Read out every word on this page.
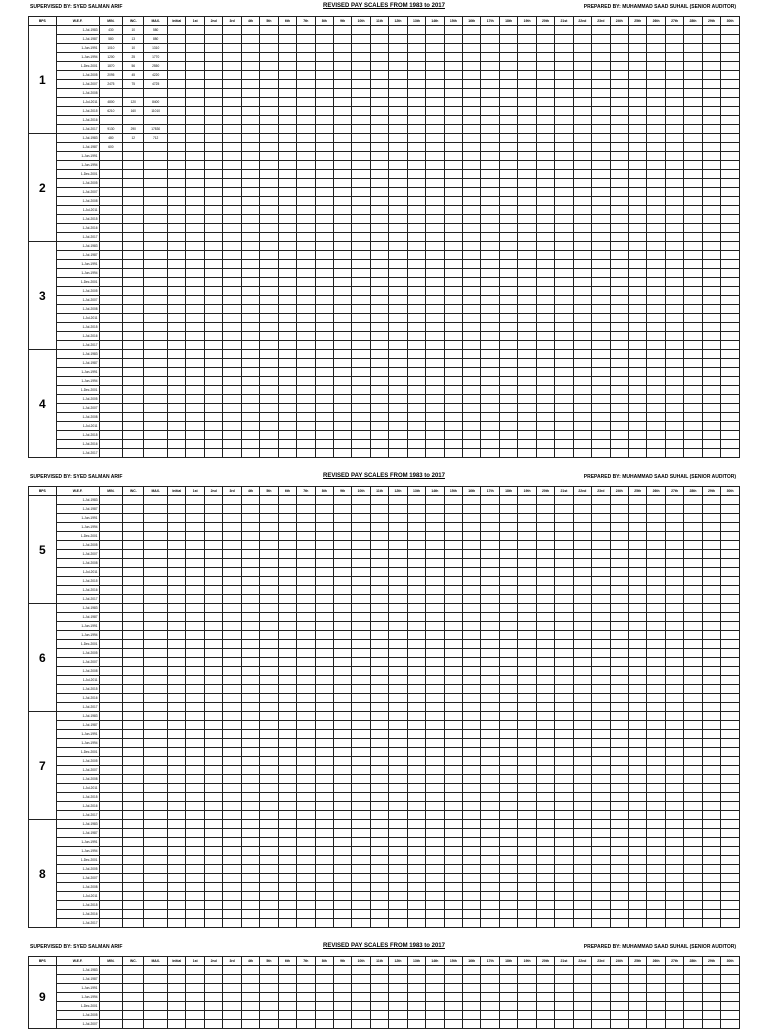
SUPERVISED BY: SYED SALMAN ARIF	REVISED PAY SCALES FROM 1983 to 2017	PREPARED BY: MUHAMMAD SAAD SUHAIL (SENIOR AUDITOR)
BPS	W.E.F.	MIN.	INC.	MAX.	Initial	1st	2nd	3rd	4th	5th	6th	7th	8th	9th	10th	11th	12th	13th	14th	15th	16th	17th	18th	19th	20th	21st	22nd	23rd	24th	25th	26th	27th	28th	29th	30th
1	1-Jul-1983	430	10	580																															
	1-Jul-1987	580	13	880																															
	1-Jun-1991	1010	10	1310																															
	1-Jun-1994	1200	25	1770																															
	1-Dec-2001	1870	56	2550																															
	1-Jul-2005	2095	45	4220																															
	1-Jul-2007	2475	75	4725																															
	1-Jul-2008																																		
	1-Jul-2011	4800	120	8400																															
	1-Jul-2015	6210	160	11010																															
	1-Jul-2016																																		
	1-Jul-2017	9130	290	17830																															
2	1-Jul-1983	480	12	712																															
	1-Jul-1987	600																																	
	1-Jun-1991																																		
	1-Jun-1994																																		
	1-Dec-2001																																		
	1-Jul-2005																																		
	1-Jul-2007																																		
	1-Jul-2008																																		
	1-Jul-2011																																		
	1-Jul-2015																																		
	1-Jul-2016																																		
	1-Jul-2017																																		
3	1-Jul-1983																																		
	1-Jul-1987																																		
	1-Jun-1991																																		
	1-Jun-1994																																		
	1-Dec-2001																																		
	1-Jul-2005																																		
	1-Jul-2007																																		
	1-Jul-2008																																		
	1-Jul-2011																																		
	1-Jul-2015																																		
	1-Jul-2016																																		
	1-Jul-2017																																		
4	1-Jul-1983																																		
	1-Jul-1987																																		
	1-Jun-1991																																		
	1-Jun-1994																																		
	1-Dec-2001																																		
	1-Jul-2005																																		
	1-Jul-2007																																		
	1-Jul-2008																																		
	1-Jul-2011																																		
	1-Jul-2015																																		
	1-Jul-2016																																		
	1-Jul-2017																																		
SUPERVISED BY: SYED SALMAN ARIF	REVISED PAY SCALES FROM 1983 to 2017	PREPARED BY: MUHAMMAD SAAD SUHAIL (SENIOR AUDITOR)
BPS	W.E.F.	MIN.	INC.	MAX.	Initial	1st	2nd	3rd	4th	5th	6th	7th	8th	9th	10th	11th	12th	13th	14th	15th	16th	17th	18th	19th	20th	21st	22nd	23rd	24th	25th	26th	27th	28th	29th	30th
5	1-Jul-1983																																		
	1-Jul-1987																																		
	1-Jun-1991																																		
	1-Jun-1994																																		
	1-Dec-2001																																		
	1-Jul-2005																																		
	1-Jul-2007																																		
	1-Jul-2008																																		
	1-Jul-2011																																		
	1-Jul-2015																																		
	1-Jul-2016																																		
	1-Jul-2017																																		
6	1-Jul-1983																																		
	1-Jul-1987																																		
	1-Jun-1991																																		
	1-Jun-1994																																		
	1-Dec-2001																																		
	1-Jul-2005																																		
	1-Jul-2007																																		
	1-Jul-2008																																		
	1-Jul-2011																																		
	1-Jul-2015																																		
	1-Jul-2016																																		
	1-Jul-2017																																		
7	1-Jul-1983																																		
	1-Jul-1987																																		
	1-Jun-1991																																		
	1-Jun-1994																																		
	1-Dec-2001																																		
	1-Jul-2005																																		
	1-Jul-2007																																		
	1-Jul-2008																																		
	1-Jul-2011																																		
	1-Jul-2015																																		
	1-Jul-2016																																		
	1-Jul-2017																																		
8	1-Jul-1983																																		
	1-Jul-1987																																		
	1-Jun-1991																																		
	1-Jun-1994																																		
	1-Dec-2001																																		
	1-Jul-2005																																		
	1-Jul-2007																																		
	1-Jul-2008																																		
	1-Jul-2011																																		
	1-Jul-2015																																		
	1-Jul-2016																																		
	1-Jul-2017																																		
SUPERVISED BY: SYED SALMAN ARIF	REVISED PAY SCALES FROM 1983 to 2017	PREPARED BY: MUHAMMAD SAAD SUHAIL (SENIOR AUDITOR)
BPS	W.E.F.	MIN.	INC.	MAX.	Initial	1st	2nd	3rd	4th	5th	6th	7th	8th	9th	10th	11th	12th	13th	14th	15th	16th	17th	18th	19th	20th	21st	22nd	23rd	24th	25th	26th	27th	28th	29th	30th
9	1-Jul-1983																																		
	1-Jul-1987																																		
	1-Jun-1991																																		
	1-Jun-1994																																		
	1-Dec-2001																																		
	1-Jul-2005																																		
	1-Jul-2007																																		
